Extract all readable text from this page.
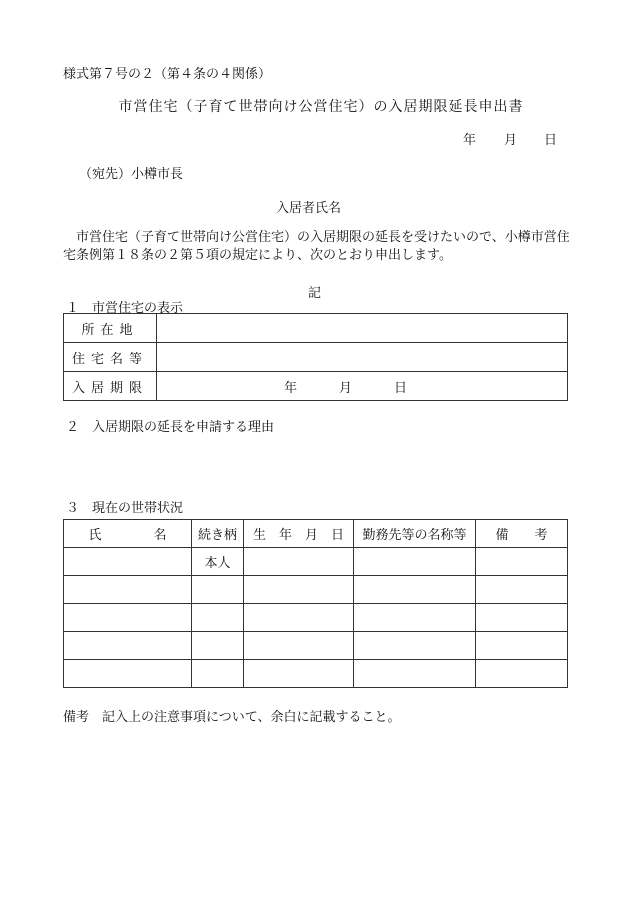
様式第７号の２（第４条の４関係）
市営住宅（子育て世帯向け公営住宅）の入居期限延長申出書
年 月 日
（宛先）小樽市長
入居者氏名
市営住宅（子育て世帯向け公営住宅）の入居期限の延長を受けたいので、小樽市営住宅条例第１８条の２第５項の規定により、次のとおり申出します。
記
１　市営住宅の表示
所在地	
住宅名等	
入居期限	年 月 日
２　入居期限の延長を申請する理由
３　現在の世帯状況
氏　　　　名	続き柄	生　年　月　日	勤務先等の名称等	備　　考
	本人			

備考　記入上の注意事項について、余白に記載すること。
